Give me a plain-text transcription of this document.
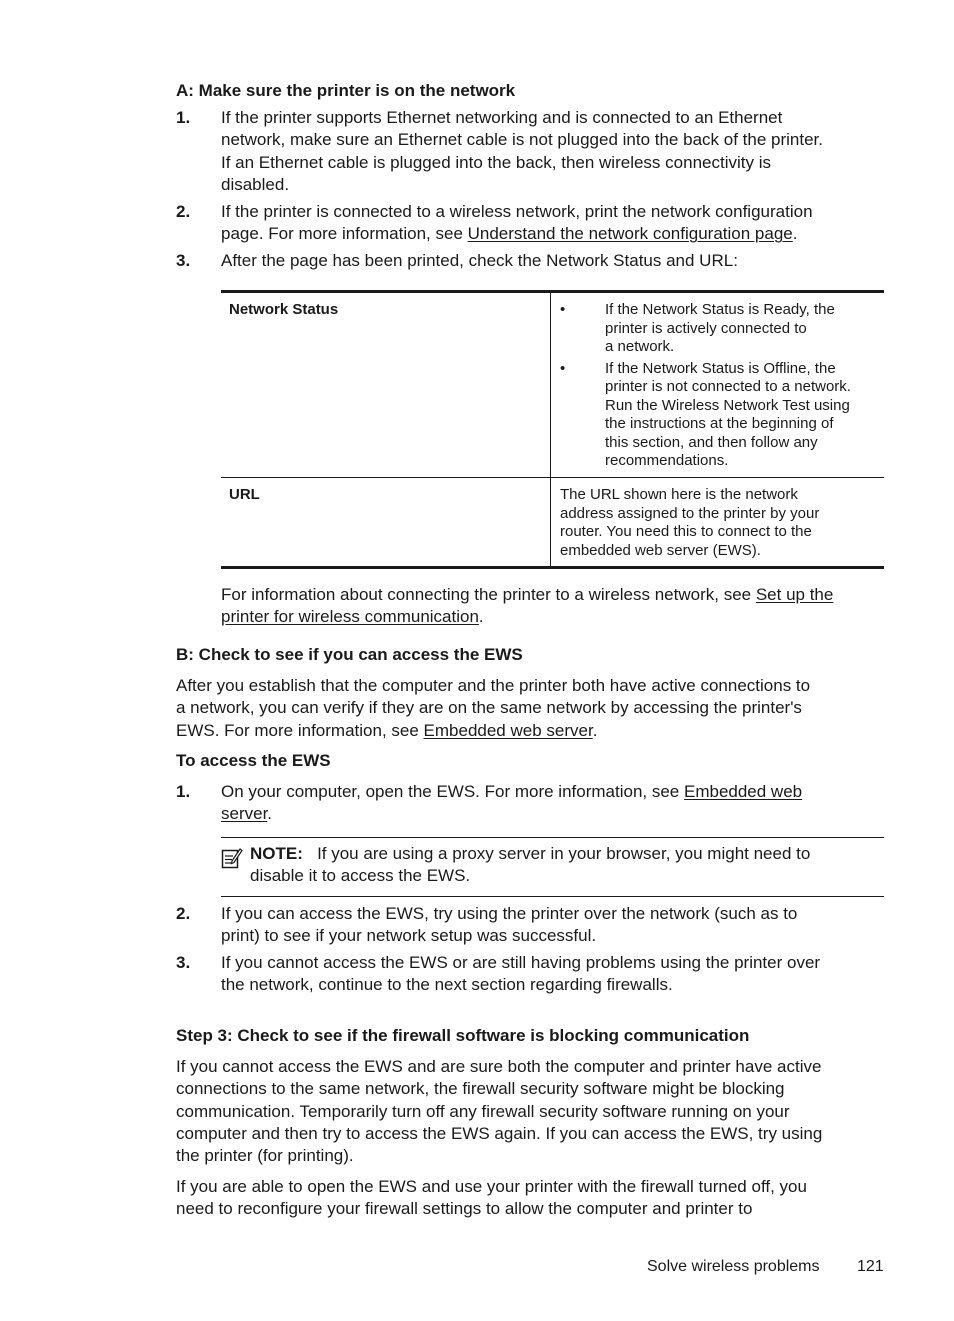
A: Make sure the printer is on the network
1. If the printer supports Ethernet networking and is connected to an Ethernet
network, make sure an Ethernet cable is not plugged into the back of the printer.
If an Ethernet cable is plugged into the back, then wireless connectivity is
disabled.
2. If the printer is connected to a wireless network, print the network configuration
page. For more information, see Understand the network configuration page.
3. After the page has been printed, check the Network Status and URL:
Network Status	•	If the Network Status is Ready, the
printer is actively connected to
a network.
•	If the Network Status is Offline, the
printer is not connected to a network.
Run the Wireless Network Test using
the instructions at the beginning of
this section, and then follow any
recommendations.
URL	The URL shown here is the network
address assigned to the printer by your
router. You need this to connect to the
embedded web server (EWS).
For information about connecting the printer to a wireless network, see Set up the
printer for wireless communication.
B: Check to see if you can access the EWS
After you establish that the computer and the printer both have active connections to
a network, you can verify if they are on the same network by accessing the printer's
EWS. For more information, see Embedded web server.
To access the EWS
1. On your computer, open the EWS. For more information, see Embedded web
server.
NOTE: If you are using a proxy server in your browser, you might need to
disable it to access the EWS.
2. If you can access the EWS, try using the printer over the network (such as to
print) to see if your network setup was successful.
3. If you cannot access the EWS or are still having problems using the printer over
the network, continue to the next section regarding firewalls.
Step 3: Check to see if the firewall software is blocking communication
If you cannot access the EWS and are sure both the computer and printer have active
connections to the same network, the firewall security software might be blocking
communication. Temporarily turn off any firewall security software running on your
computer and then try to access the EWS again. If you can access the EWS, try using
the printer (for printing).
If you are able to open the EWS and use your printer with the firewall turned off, you
need to reconfigure your firewall settings to allow the computer and printer to
Solve wireless problems 121
